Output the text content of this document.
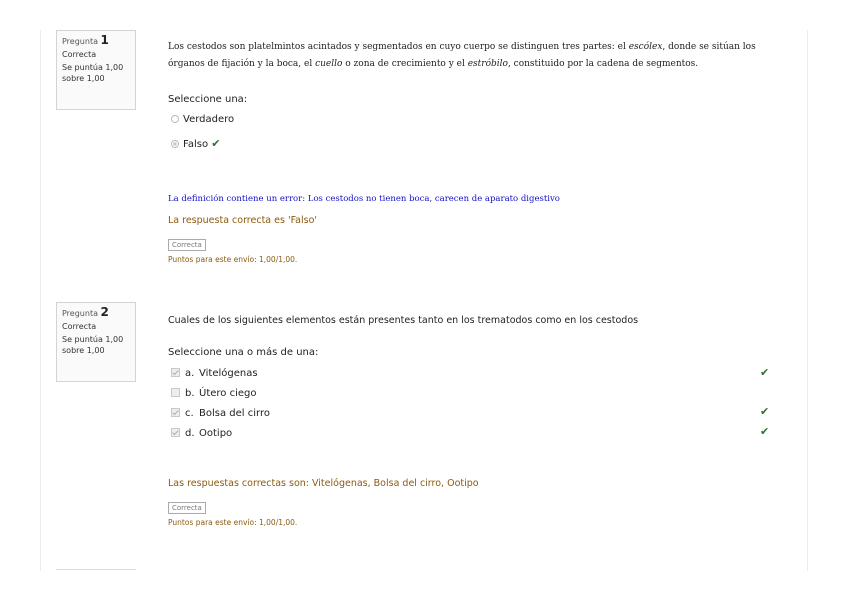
Pregunta 1
Correcta
Se puntúa 1,00 sobre 1,00
Los cestodos son platelmintos acintados y segmentados en cuyo cuerpo se distinguen tres partes: el escólex, donde se sitúan los órganos de fijación y la boca, el cuello o zona de crecimiento y el estróbilo, constituido por la cadena de segmentos.
Seleccione una:
Verdadero
Falso ✔
La definición contiene un error: Los cestodos no tienen boca, carecen de aparato digestivo
La respuesta correcta es 'Falso'
Correcta
Puntos para este envío: 1,00/1,00.
Pregunta 2
Correcta
Se puntúa 1,00 sobre 1,00
Cuales de los siguientes elementos están presentes tanto en los trematodos como en los cestodos
Seleccione una o más de una:
a. Vitelógenas	✔
b. Útero ciego
c. Bolsa del cirro	✔
d. Ootipo	✔
Las respuestas correctas son: Vitelógenas, Bolsa del cirro, Ootipo
Correcta
Puntos para este envío: 1,00/1,00.
